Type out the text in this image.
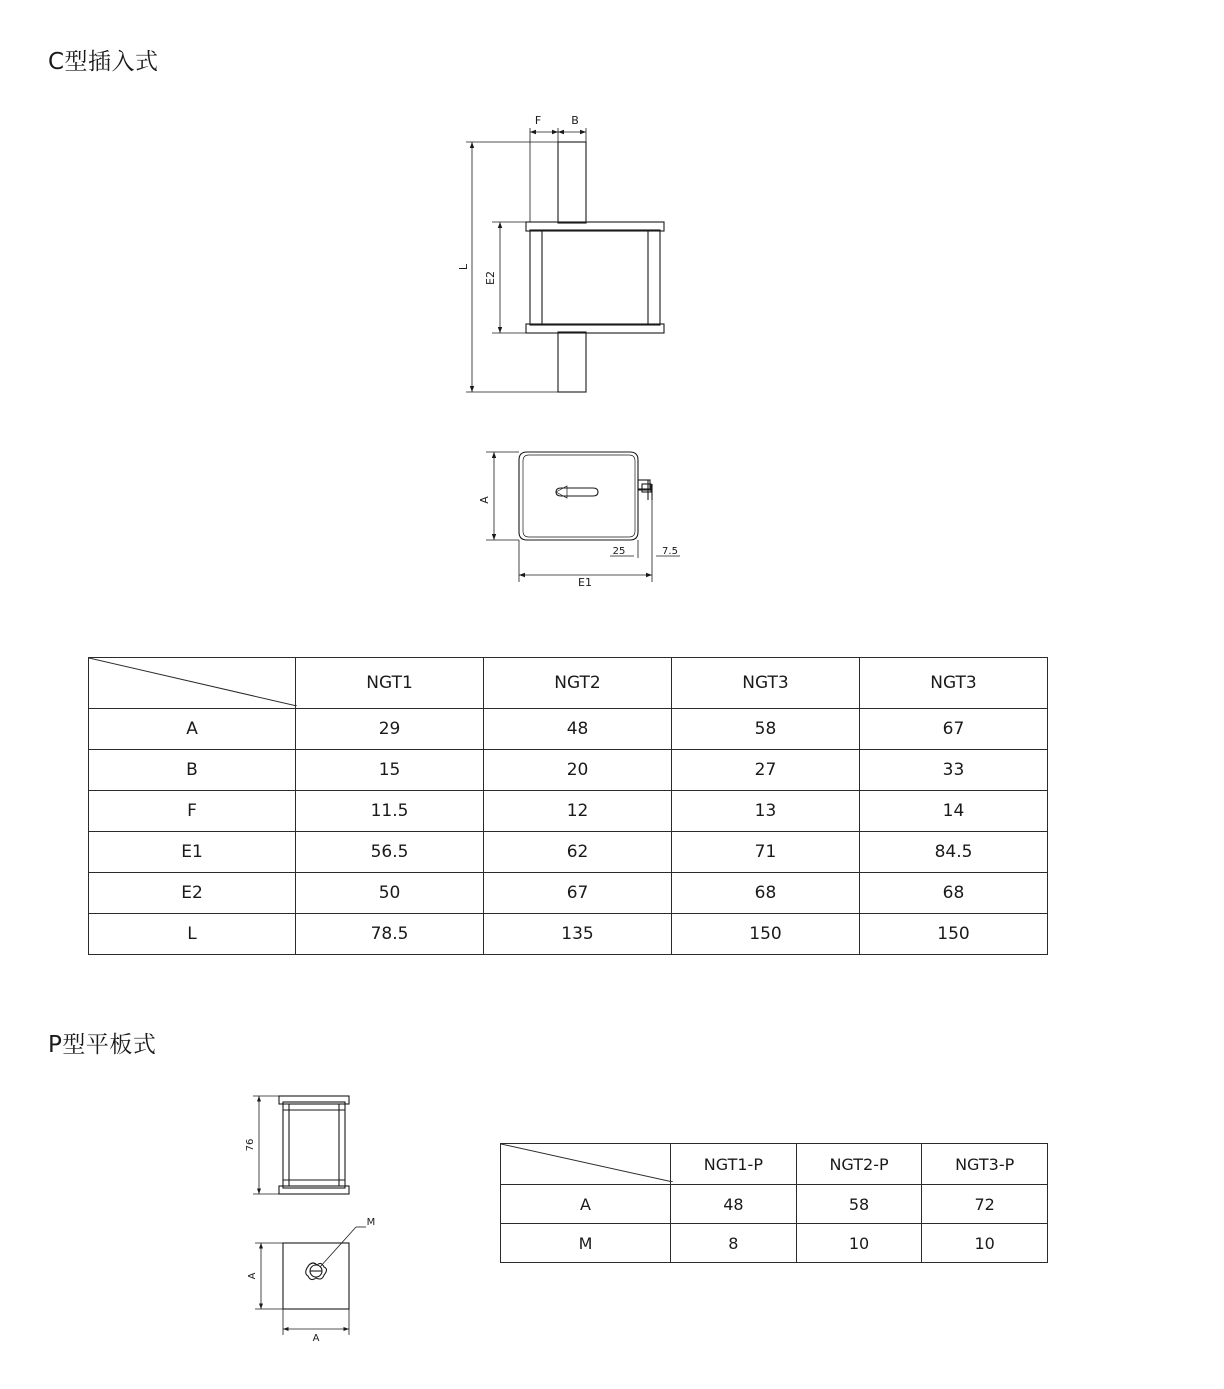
C型插入式
P型平板式
F	B
L
E2
A
E1
25	7.5
	NGT1	NGT2	NGT3	NGT3
A	29	48	58	67
B	15	20	27	33
F	11.5	12	13	14
E1	56.5	62	71	84.5
E2	50	67	68	68
L	78.5	135	150	150
76
A
A
M
	NGT1-P	NGT2-P	NGT3-P
A	48	58	72
M	8	10	10
